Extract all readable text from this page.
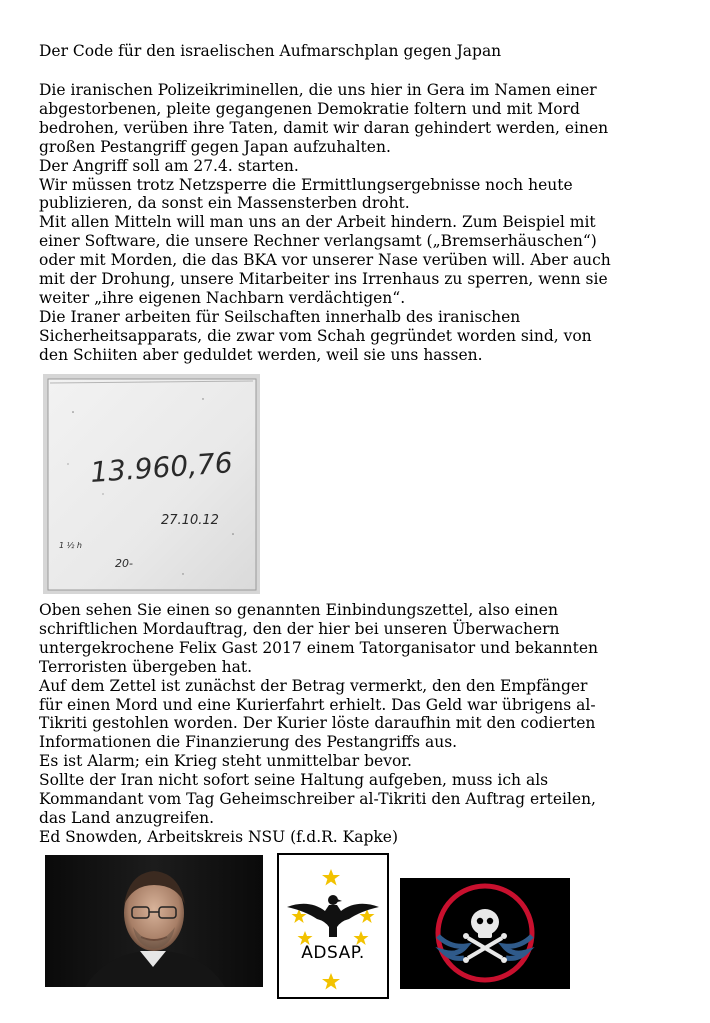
Der Code für den israelischen Aufmarschplan gegen Japan
Die iranischen Polizeikriminellen, die uns hier in Gera im Namen einer
abgestorbenen, pleite gegangenen Demokratie foltern und mit Mord
bedrohen, verüben ihre Taten, damit wir daran gehindert werden, einen
großen Pestangriff gegen Japan aufzuhalten.
Der Angriff soll am 27.4. starten.
Wir müssen trotz Netzsperre die Ermittlungsergebnisse noch heute
publizieren, da sonst ein Massensterben droht.
Mit allen Mitteln will man uns an der Arbeit hindern. Zum Beispiel mit
einer Software, die unsere Rechner verlangsamt („Bremserhäuschen“)
oder mit Morden, die das BKA vor unserer Nase verüben will. Aber auch
mit der Drohung, unsere Mitarbeiter ins Irrenhaus zu sperren, wenn sie
weiter „ihre eigenen Nachbarn verdächtigen“.
Die Iraner arbeiten für Seilschaften innerhalb des iranischen
Sicherheitsapparats, die zwar vom Schah gegründet worden sind, von
den Schiiten aber geduldet werden, weil sie uns hassen.
13.960,76
27.10.12
20-
1 ½ h
Oben sehen Sie einen so genannten Einbindungszettel, also einen
schriftlichen Mordauftrag, den der hier bei unseren Überwachern
untergekrochene Felix Gast 2017 einem Tatorganisator und bekannten
Terroristen übergeben hat.
Auf dem Zettel ist zunächst der Betrag vermerkt, den den Empfänger
für einen Mord und eine Kurierfahrt erhielt. Das Geld war übrigens al-
Tikriti gestohlen worden. Der Kurier löste daraufhin mit den codierten
Informationen die Finanzierung des Pestangriffs aus.
Es ist Alarm; ein Krieg steht unmittelbar bevor.
Sollte der Iran nicht sofort seine Haltung aufgeben, muss ich als
Kommandant vom Tag Geheimschreiber al-Tikriti den Auftrag erteilen,
das Land anzugreifen.
Ed Snowden, Arbeitskreis NSU (f.d.R. Kapke)
ADSAP.
